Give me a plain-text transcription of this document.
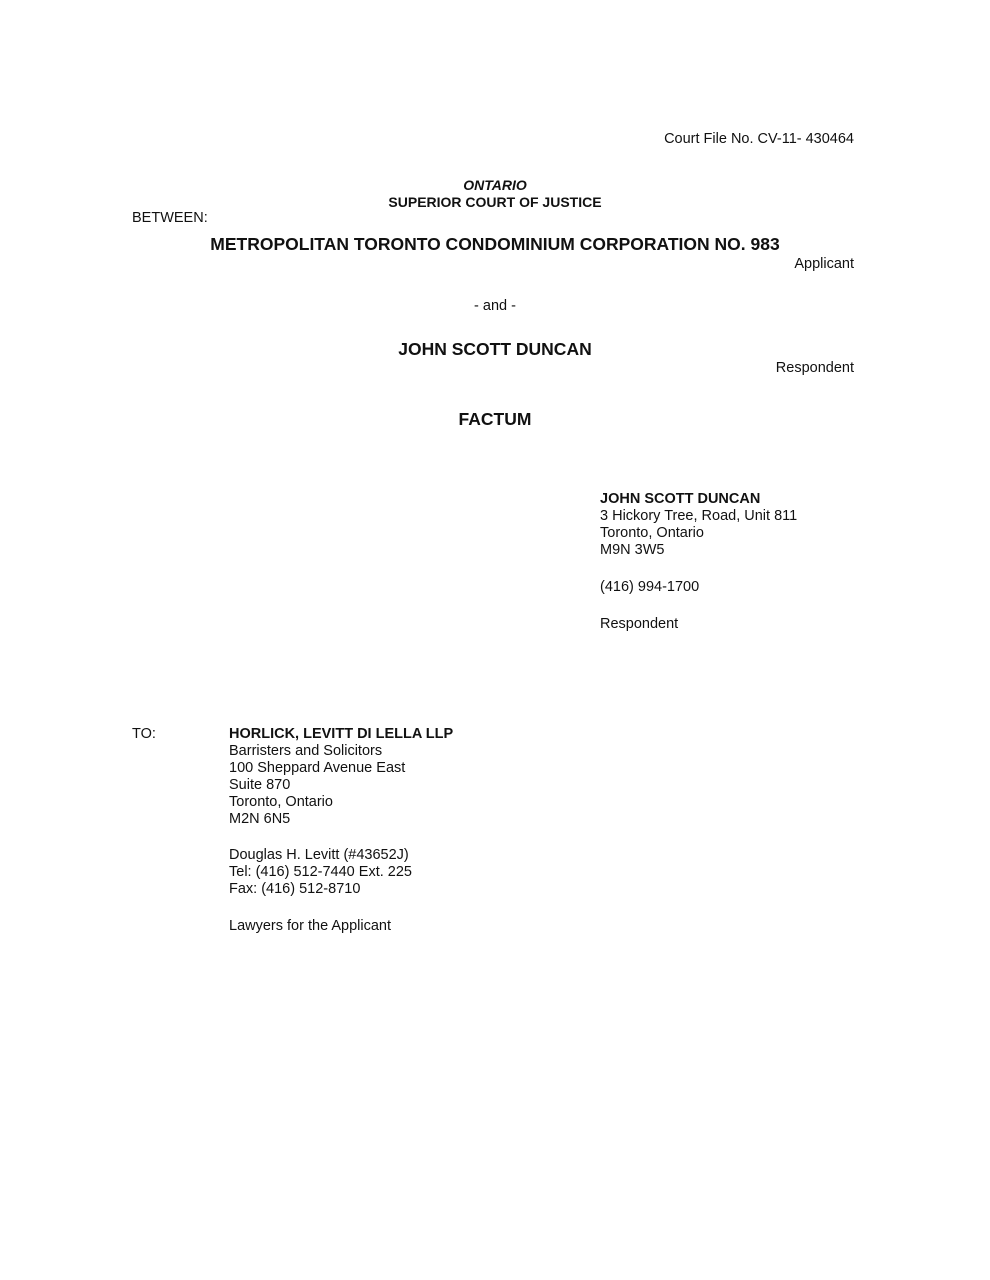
Court File No. CV-11- 430464
ONTARIO
SUPERIOR COURT OF JUSTICE
BETWEEN:
METROPOLITAN TORONTO CONDOMINIUM CORPORATION NO. 983
Applicant
- and -
JOHN SCOTT DUNCAN
Respondent
FACTUM
JOHN SCOTT DUNCAN
3 Hickory Tree, Road, Unit 811
Toronto, Ontario
M9N 3W5
(416) 994-1700
Respondent
TO:	HORLICK, LEVITT DI LELLA LLP
Barristers and Solicitors
100 Sheppard Avenue East
Suite 870
Toronto, Ontario
M2N 6N5
Douglas H. Levitt (#43652J)
Tel: (416) 512-7440 Ext. 225
Fax: (416) 512-8710
Lawyers for the Applicant
